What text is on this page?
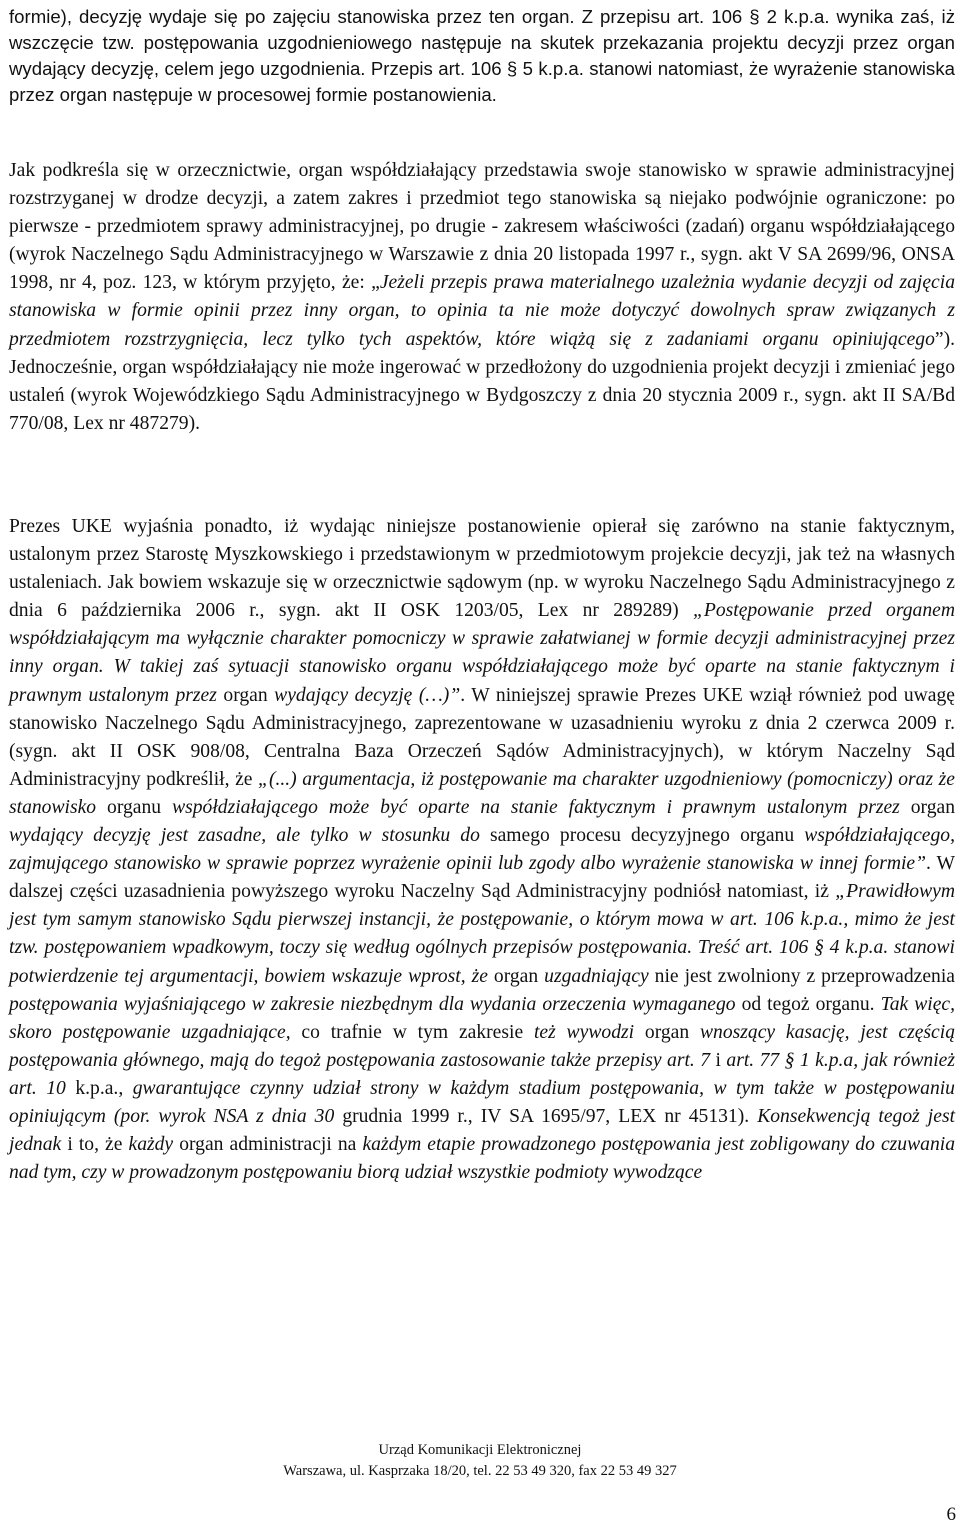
formie), decyzję wydaje się po zajęciu stanowiska przez ten organ. Z przepisu art. 106 § 2 k.p.a. wynika zaś, iż wszczęcie tzw. postępowania uzgodnieniowego następuje na skutek przekazania projektu decyzji przez organ wydający decyzję, celem jego uzgodnienia. Przepis art. 106 § 5 k.p.a. stanowi natomiast, że wyrażenie stanowiska przez organ następuje w procesowej formie postanowienia.

Jak podkreśla się w orzecznictwie, organ współdziałający przedstawia swoje stanowisko w sprawie administracyjnej rozstrzyganej w drodze decyzji, a zatem zakres i przedmiot tego stanowiska są niejako podwójnie ograniczone: po pierwsze - przedmiotem sprawy administracyjnej, po drugie - zakresem właściwości (zadań) organu współdziałającego (wyrok Naczelnego Sądu Administracyjnego w Warszawie z dnia 20 listopada 1997 r., sygn. akt V SA 2699/96, ONSA 1998, nr 4, poz. 123, w którym przyjęto, że: „Jeżeli przepis prawa materialnego uzależnia wydanie decyzji od zajęcia stanowiska w formie opinii przez inny organ, to opinia ta nie może dotyczyć dowolnych spraw związanych z przedmiotem rozstrzygnięcia, lecz tylko tych aspektów, które wiążą się z zadaniami organu opiniującego”). Jednocześnie, organ współdziałający nie może ingerować w przedłożony do uzgodnienia projekt decyzji i zmieniać jego ustaleń (wyrok Wojewódzkiego Sądu Administracyjnego w Bydgoszczy z dnia 20 stycznia 2009 r., sygn. akt II SA/Bd 770/08, Lex nr 487279).

Prezes UKE wyjaśnia ponadto, iż wydając niniejsze postanowienie opierał się zarówno na stanie faktycznym, ustalonym przez Starostę Myszkowskiego i przedstawionym w przedmiotowym projekcie decyzji, jak też na własnych ustaleniach. Jak bowiem wskazuje się w orzecznictwie sądowym (np. w wyroku Naczelnego Sądu Administracyjnego z dnia 6 października 2006 r., sygn. akt II OSK 1203/05, Lex nr 289289) „Postępowanie przed organem współdziałającym ma wyłącznie charakter pomocniczy w sprawie załatwianej w formie decyzji administracyjnej przez inny organ. W takiej zaś sytuacji stanowisko organu współdziałającego może być oparte na stanie faktycznym i prawnym ustalonym przez organ wydający decyzję (…)”. W niniejszej sprawie Prezes UKE wziął również pod uwagę stanowisko Naczelnego Sądu Administracyjnego, zaprezentowane w uzasadnieniu wyroku z dnia 2 czerwca 2009 r. (sygn. akt II OSK 908/08, Centralna Baza Orzeczeń Sądów Administracyjnych), w którym Naczelny Sąd Administracyjny podkreślił, że „(...) argumentacja, iż postępowanie ma charakter uzgodnieniowy (pomocniczy) oraz że stanowisko organu współdziałającego może być oparte na stanie faktycznym i prawnym ustalonym przez organ wydający decyzję jest zasadne, ale tylko w stosunku do samego procesu decyzyjnego organu współdziałającego, zajmującego stanowisko w sprawie poprzez wyrażenie opinii lub zgody albo wyrażenie stanowiska w innej formie”. W dalszej części uzasadnienia powyższego wyroku Naczelny Sąd Administracyjny podniósł natomiast, iż „Prawidłowym jest tym samym stanowisko Sądu pierwszej instancji, że postępowanie, o którym mowa w art. 106 k.p.a., mimo że jest tzw. postępowaniem wpadkowym, toczy się według ogólnych przepisów postępowania. Treść art. 106 § 4 k.p.a. stanowi potwierdzenie tej argumentacji, bowiem wskazuje wprost, że organ uzgadniający nie jest zwolniony z przeprowadzenia postępowania wyjaśniającego w zakresie niezbędnym dla wydania orzeczenia wymaganego od tegoż organu. Tak więc, skoro postępowanie uzgadniające, co trafnie w tym zakresie też wywodzi organ wnoszący kasację, jest częścią postępowania głównego, mają do tegoż postępowania zastosowanie także przepisy art. 7 i art. 77 § 1 k.p.a, jak również art. 10 k.p.a., gwarantujące czynny udział strony w każdym stadium postępowania, w tym także w postępowaniu opiniującym (por. wyrok NSA z dnia 30 grudnia 1999 r., IV SA 1695/97, LEX nr 45131). Konsekwencją tegoż jest jednak i to, że każdy organ administracji na każdym etapie prowadzonego postępowania jest zobligowany do czuwania nad tym, czy w prowadzonym postępowaniu biorą udział wszystkie podmioty wywodzące

Urząd Komunikacji Elektronicznej
Warszawa, ul. Kasprzaka 18/20, tel. 22 53 49 320, fax 22 53 49 327
6
